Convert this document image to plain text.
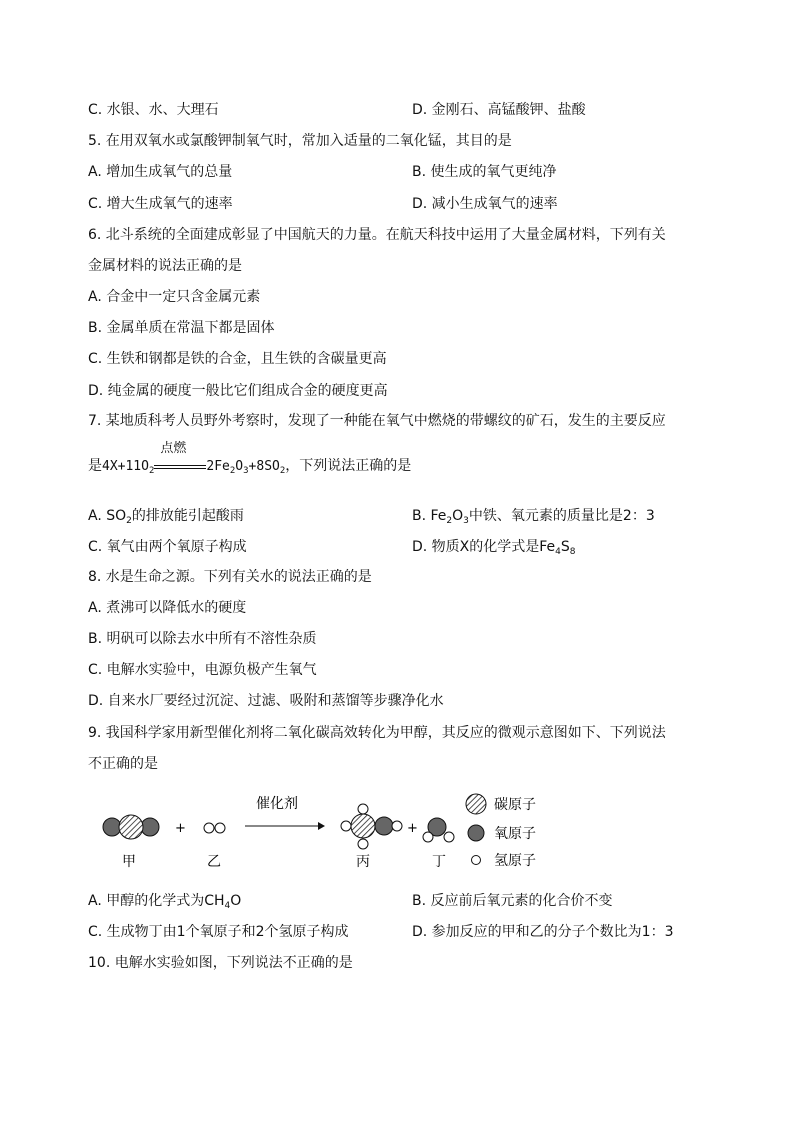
C. 水银、水、大理石	D. 金刚石、高锰酸钾、盐酸
5. 在用双氧水或氯酸钾制氧气时，常加入适量的二氧化锰，其目的是
A. 增加生成氧气的总量	B. 使生成的氧气更纯净
C. 增大生成氧气的速率	D. 减小生成氧气的速率
6. 北斗系统的全面建成彰显了中国航天的力量。在航天科技中运用了大量金属材料，下列有关
金属材料的说法正确的是
A. 合金中一定只含金属元素
B. 金属单质在常温下都是固体
C. 生铁和钢都是铁的合金，且生铁的含碳量更高
D. 纯金属的硬度一般比它们组成合金的硬度更高
7. 某地质科考人员野外考察时，发现了一种能在氧气中燃烧的带螺纹的矿石，发生的主要反应
是$4X+11O_2$
点燃
$2Fe_2O_3+8SO_2$，下列说法正确的是
A. $SO_2$的排放能引起酸雨	B. $Fe_2O_3$中铁、氧元素的质量比是2：3
C. 氧气由两个氧原子构成	D. 物质X的化学式是$Fe_4S_8$
8. 水是生命之源。下列有关水的说法正确的是
A. 煮沸可以降低水的硬度
B. 明矾可以除去水中所有不溶性杂质
C. 电解水实验中，电源负极产生氧气
D. 自来水厂要经过沉淀、过滤、吸附和蒸馏等步骤净化水
9. 我国科学家用新型催化剂将二氧化碳高效转化为甲醇，其反应的微观示意图如下、下列说法
不正确的是
+
催化剂
+
碳原子
氧原子
氢原子
甲	乙	丙	丁
A. 甲醇的化学式为$CH_4O$	B. 反应前后氧元素的化合价不变
C. 生成物丁由1个氧原子和2个氢原子构成	D. 参加反应的甲和乙的分子个数比为1：3
10. 电解水实验如图，下列说法不正确的是
